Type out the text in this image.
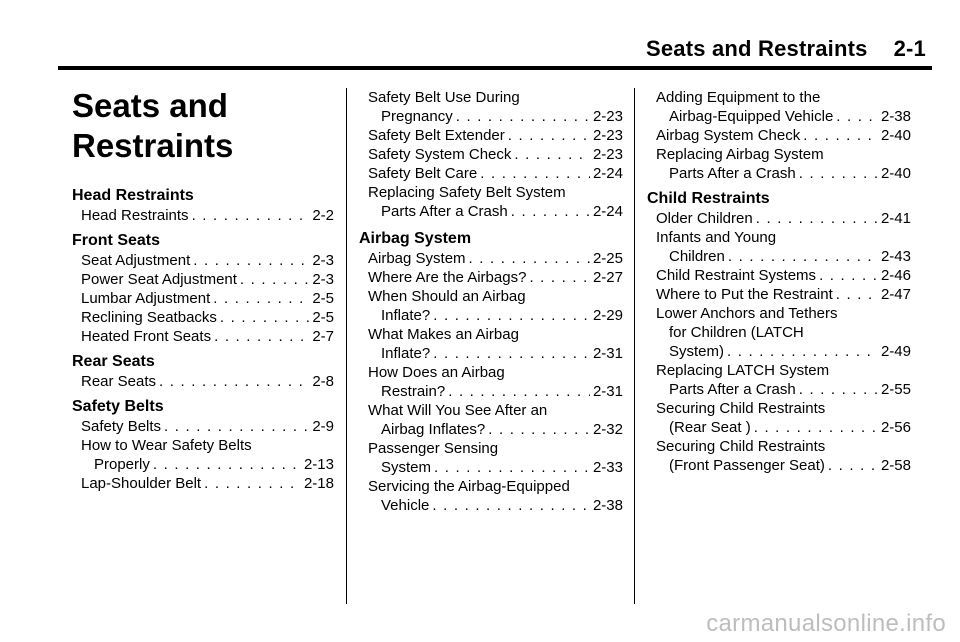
Seats and Restraints 2-1
Seats and Restraints
Head Restraints
Head Restraints . . .	2-2
Front Seats
Seat Adjustment . . .	2-3
Power Seat Adjustment . . .	2-3
Lumbar Adjustment . . .	2-5
Reclining Seatbacks . . .	2-5
Heated Front Seats . . .	2-7
Rear Seats
Rear Seats . . .	2-8
Safety Belts
Safety Belts . . .	2-9
How to Wear Safety Belts
Properly . . .	2-13
Lap-Shoulder Belt . . .	2-18
Safety Belt Use During
Pregnancy . . .	2-23
Safety Belt Extender . . .	2-23
Safety System Check . . .	2-23
Safety Belt Care . . .	2-24
Replacing Safety Belt System
Parts After a Crash . . .	2-24
Airbag System
Airbag System . . .	2-25
Where Are the Airbags? . . .	2-27
When Should an Airbag
Inflate? . . .	2-29
What Makes an Airbag
Inflate? . . .	2-31
How Does an Airbag
Restrain? . . .	2-31
What Will You See After an
Airbag Inflates? . . .	2-32
Passenger Sensing
System . . .	2-33
Servicing the Airbag-Equipped
Vehicle . . .	2-38
Adding Equipment to the
Airbag-Equipped Vehicle . . .	2-38
Airbag System Check . . .	2-40
Replacing Airbag System
Parts After a Crash . . .	2-40
Child Restraints
Older Children . . .	2-41
Infants and Young
Children . . .	2-43
Child Restraint Systems . . .	2-46
Where to Put the Restraint . . .	2-47
Lower Anchors and Tethers
for Children (LATCH
System) . . .	2-49
Replacing LATCH System
Parts After a Crash . . .	2-55
Securing Child Restraints
(Rear Seat ) . . .	2-56
Securing Child Restraints
(Front Passenger Seat) . . .	2-58
carmanualsonline.info
